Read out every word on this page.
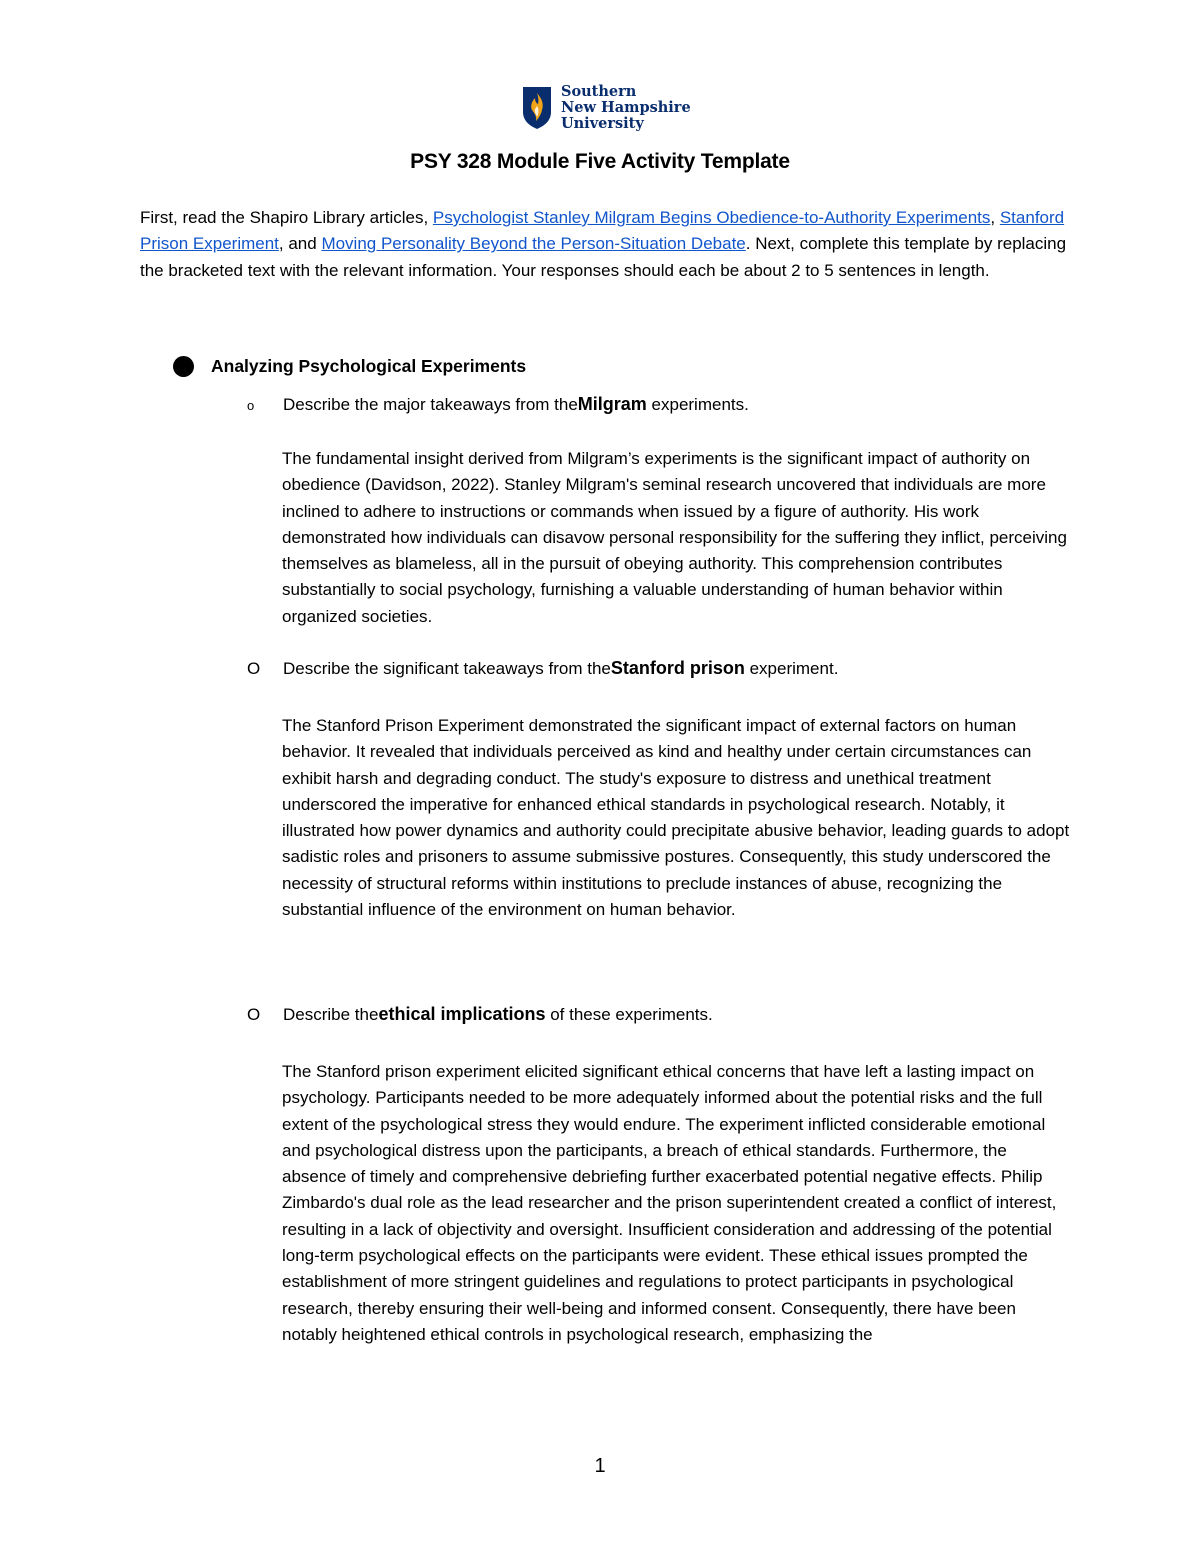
Southern
New Hampshire
University
PSY 328 Module Five Activity Template

First, read the Shapiro Library articles, Psychologist Stanley Milgram Begins Obedience-to-Authority Experiments, Stanford Prison Experiment, and Moving Personality Beyond the Person-Situation Debate. Next, complete this template by replacing the bracketed text with the relevant information. Your responses should each be about 2 to 5 sentences in length.

Analyzing Psychological Experiments
o	Describe the major takeaways from the Milgram experiments.

The fundamental insight derived from Milgram’s experiments is the significant impact of authority on obedience (Davidson, 2022). Stanley Milgram's seminal research uncovered that individuals are more inclined to adhere to instructions or commands when issued by a figure of authority. His work demonstrated how individuals can disavow personal responsibility for the suffering they inflict, perceiving themselves as blameless, all in the pursuit of obeying authority. This comprehension contributes substantially to social psychology, furnishing a valuable understanding of human behavior within organized societies.

O	Describe the significant takeaways from the Stanford prison experiment.

The Stanford Prison Experiment demonstrated the significant impact of external factors on human behavior. It revealed that individuals perceived as kind and healthy under certain circumstances can exhibit harsh and degrading conduct. The study's exposure to distress and unethical treatment underscored the imperative for enhanced ethical standards in psychological research. Notably, it illustrated how power dynamics and authority could precipitate abusive behavior, leading guards to adopt sadistic roles and prisoners to assume submissive postures. Consequently, this study underscored the necessity of structural reforms within institutions to preclude instances of abuse, recognizing the substantial influence of the environment on human behavior.

O	Describe the ethical implications of these experiments.

The Stanford prison experiment elicited significant ethical concerns that have left a lasting impact on psychology. Participants needed to be more adequately informed about the potential risks and the full extent of the psychological stress they would endure. The experiment inflicted considerable emotional and psychological distress upon the participants, a breach of ethical standards. Furthermore, the absence of timely and comprehensive debriefing further exacerbated potential negative effects. Philip Zimbardo's dual role as the lead researcher and the prison superintendent created a conflict of interest, resulting in a lack of objectivity and oversight. Insufficient consideration and addressing of the potential long-term psychological effects on the participants were evident. These ethical issues prompted the establishment of more stringent guidelines and regulations to protect participants in psychological research, thereby ensuring their well-being and informed consent. Consequently, there have been notably heightened ethical controls in psychological research, emphasizing the

1
